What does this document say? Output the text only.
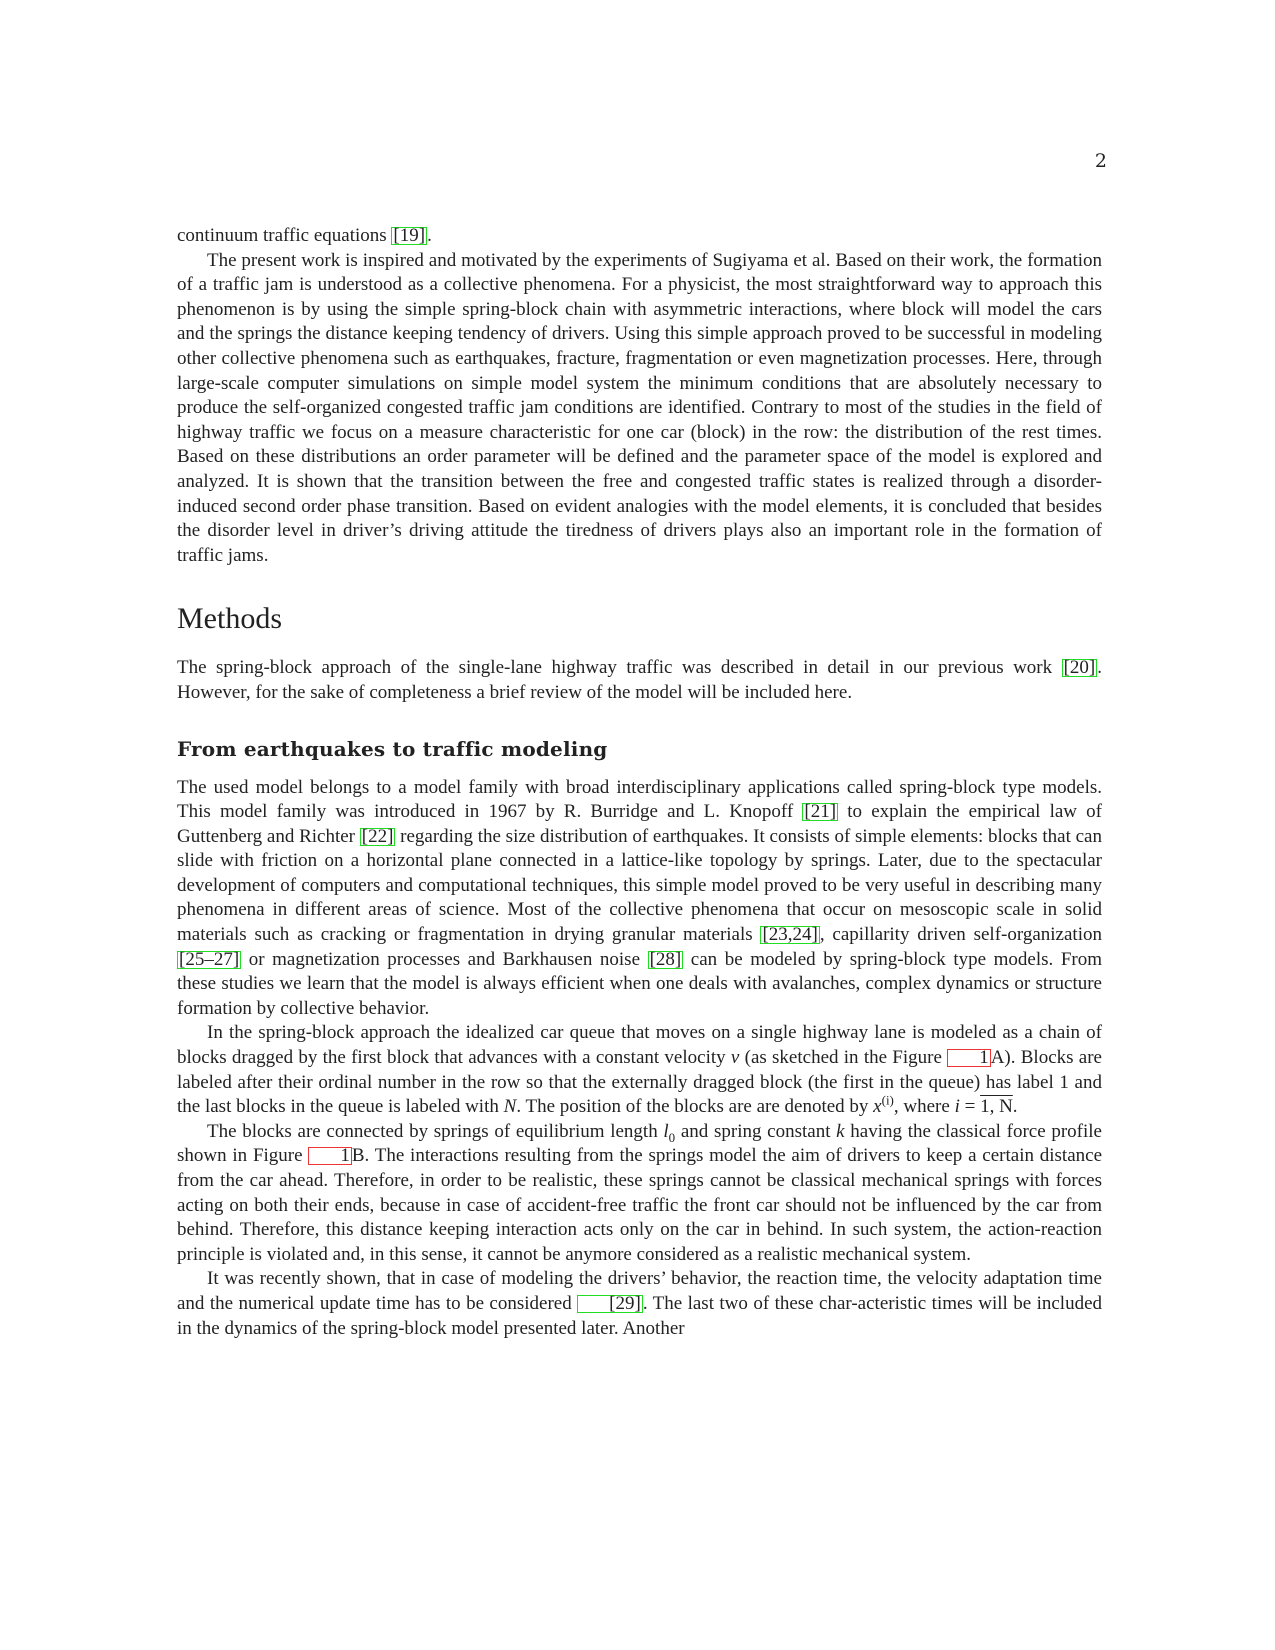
2

continuum traffic equations [19] .

The present work is inspired and motivated by the experiments of Sugiyama et al. Based on their work, the formation of a traffic jam is understood as a collective phenomena. For a physicist, the most straightforward way to approach this phenomenon is by using the simple spring-block chain with asymmetric interactions, where block will model the cars and the springs the distance keeping tendency of drivers. Using this simple approach proved to be successful in modeling other collective phenomena such as earthquakes, fracture, fragmentation or even magnetization processes. Here, through large-scale computer simulations on simple model system the minimum conditions that are absolutely necessary to produce the self-organized congested traffic jam conditions are identified. Contrary to most of the studies in the field of highway traffic we focus on a measure characteristic for one car (block) in the row: the distribution of the rest times. Based on these distributions an order parameter will be defined and the parameter space of the model is explored and analyzed. It is shown that the transition between the free and congested traffic states is realized through a disorder-induced second order phase transition. Based on evident analogies with the model elements, it is concluded that besides the disorder level in driver’s driving attitude the tiredness of drivers plays also an important role in the formation of traffic jams.

Methods

The spring-block approach of the single-lane highway traffic was described in detail in our previous work [20] . However, for the sake of completeness a brief review of the model will be included here.

From earthquakes to traffic modeling

The used model belongs to a model family with broad interdisciplinary applications called spring-block type models. This model family was introduced in 1967 by R. Burridge and L. Knopoff [21] to explain the empirical law of Guttenberg and Richter [22] regarding the size distribution of earthquakes. It consists of simple elements: blocks that can slide with friction on a horizontal plane connected in a lattice-like topology by springs. Later, due to the spectacular development of computers and computational techniques, this simple model proved to be very useful in describing many phenomena in different areas of science. Most of the collective phenomena that occur on mesoscopic scale in solid materials such as cracking or fragmentation in drying granular materials [23,24] , capillarity driven self-organization [25–27] or magnetization processes and Barkhausen noise [28] can be modeled by spring-block type models. From these studies we learn that the model is always efficient when one deals with avalanches, complex dynamics or structure formation by collective behavior.

In the spring-block approach the idealized car queue that moves on a single highway lane is modeled as a chain of blocks dragged by the first block that advances with a constant velocity v (as sketched in the Figure 1 A). Blocks are labeled after their ordinal number in the row so that the externally dragged block (the first in the queue) has label 1 and the last blocks in the queue is labeled with N. The position of the blocks are are denoted by $x^{(i)}$, where i = 1, N.

The blocks are connected by springs of equilibrium length $l_0$ and spring constant k having the classical force profile shown in Figure 1 B. The interactions resulting from the springs model the aim of drivers to keep a certain distance from the car ahead. Therefore, in order to be realistic, these springs cannot be classical mechanical springs with forces acting on both their ends, because in case of accident-free traffic the front car should not be influenced by the car from behind. Therefore, this distance keeping interaction acts only on the car in behind. In such system, the action-reaction principle is violated and, in this sense, it cannot be anymore considered as a realistic mechanical system.

It was recently shown, that in case of modeling the drivers’ behavior, the reaction time, the velocity adaptation time and the numerical update time has to be considered [29] . The last two of these char-acteristic times will be included in the dynamics of the spring-block model presented later. Another
